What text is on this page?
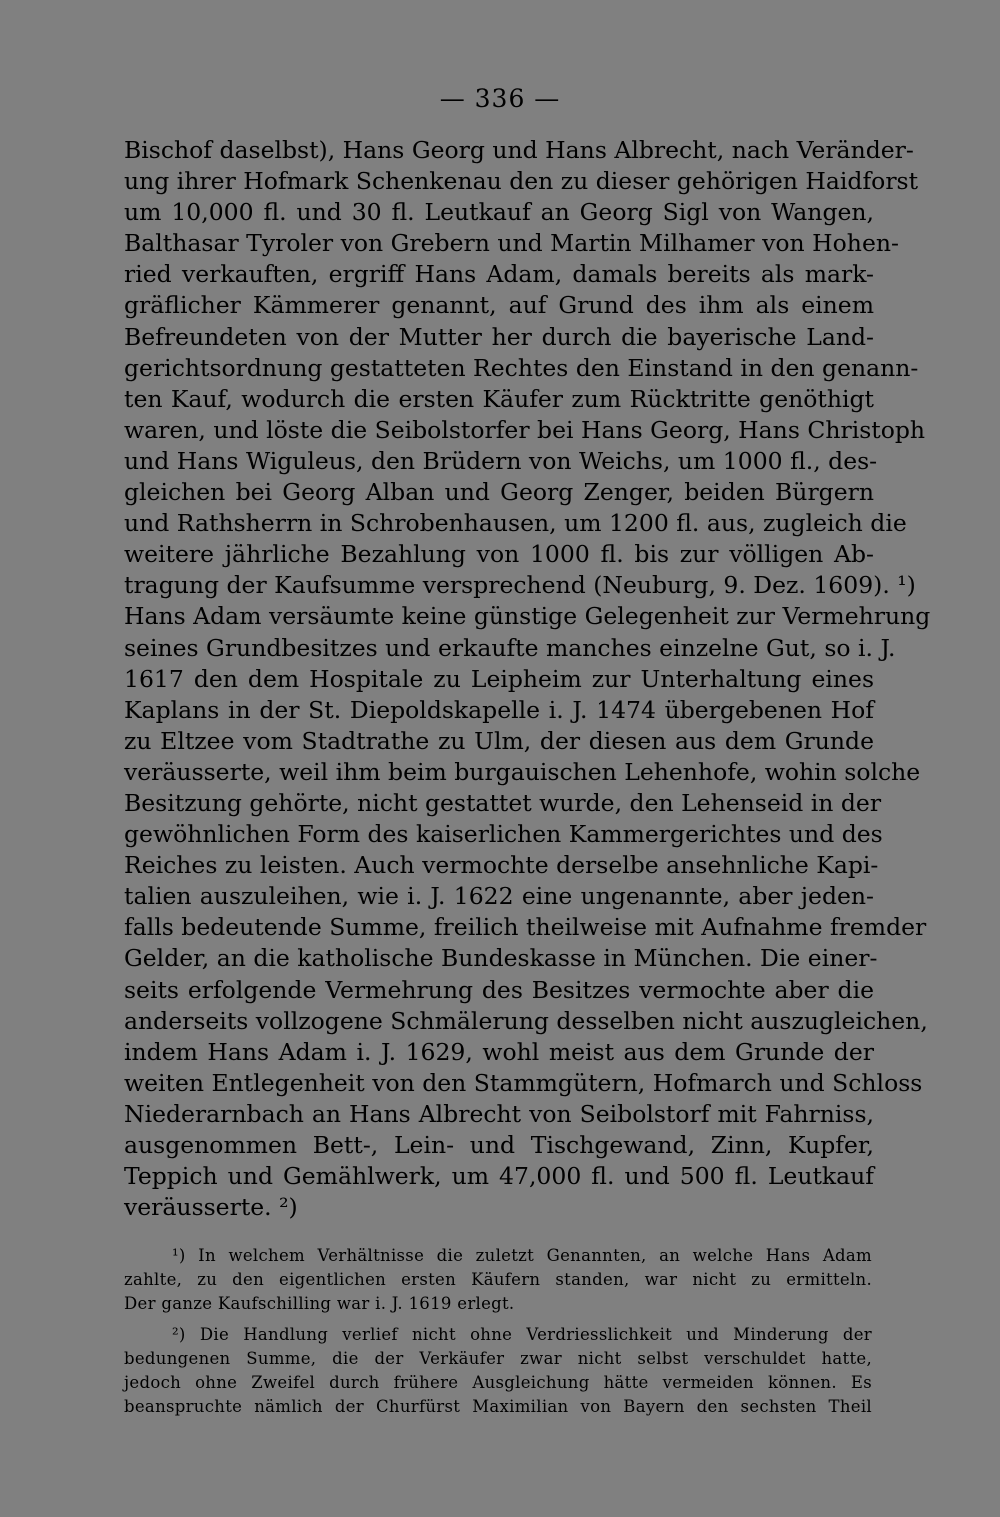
— 336 —
Bischof daselbst), Hans Georg und Hans Albrecht, nach Veränder-
ung ihrer Hofmark Schenkenau den zu dieser gehörigen Haidforst
um 10,000 fl. und 30 fl. Leutkauf an Georg Sigl von Wangen,
Balthasar Tyroler von Grebern und Martin Milhamer von Hohen-
ried verkauften, ergriff Hans Adam, damals bereits als mark-
gräflicher Kämmerer genannt, auf Grund des ihm als einem
Befreundeten von der Mutter her durch die bayerische Land-
gerichtsordnung gestatteten Rechtes den Einstand in den genann-
ten Kauf, wodurch die ersten Käufer zum Rücktritte genöthigt
waren, und löste die Seibolstorfer bei Hans Georg, Hans Christoph
und Hans Wiguleus, den Brüdern von Weichs, um 1000 fl., des-
gleichen bei Georg Alban und Georg Zenger, beiden Bürgern
und Rathsherrn in Schrobenhausen, um 1200 fl. aus, zugleich die
weitere jährliche Bezahlung von 1000 fl. bis zur völligen Ab-
tragung der Kaufsumme versprechend (Neuburg, 9. Dez. 1609). ¹)
Hans Adam versäumte keine günstige Gelegenheit zur Vermehrung
seines Grundbesitzes und erkaufte manches einzelne Gut, so i. J.
1617 den dem Hospitale zu Leipheim zur Unterhaltung eines
Kaplans in der St. Diepoldskapelle i. J. 1474 übergebenen Hof
zu Eltzee vom Stadtrathe zu Ulm, der diesen aus dem Grunde
veräusserte, weil ihm beim burgauischen Lehenhofe, wohin solche
Besitzung gehörte, nicht gestattet wurde, den Lehenseid in der
gewöhnlichen Form des kaiserlichen Kammergerichtes und des
Reiches zu leisten. Auch vermochte derselbe ansehnliche Kapi-
talien auszuleihen, wie i. J. 1622 eine ungenannte, aber jeden-
falls bedeutende Summe, freilich theilweise mit Aufnahme fremder
Gelder, an die katholische Bundeskasse in München. Die einer-
seits erfolgende Vermehrung des Besitzes vermochte aber die
anderseits vollzogene Schmälerung desselben nicht auszugleichen,
indem Hans Adam i. J. 1629, wohl meist aus dem Grunde der
weiten Entlegenheit von den Stammgütern, Hofmarch und Schloss
Niederarnbach an Hans Albrecht von Seibolstorf mit Fahrniss,
ausgenommen Bett-, Lein- und Tischgewand, Zinn, Kupfer,
Teppich und Gemählwerk, um 47,000 fl. und 500 fl. Leutkauf
veräusserte. ²)
¹) In welchem Verhältnisse die zuletzt Genannten, an welche Hans Adam
zahlte, zu den eigentlichen ersten Käufern standen, war nicht zu ermitteln.
Der ganze Kaufschilling war i. J. 1619 erlegt.
²) Die Handlung verlief nicht ohne Verdriesslichkeit und Minderung der
bedungenen Summe, die der Verkäufer zwar nicht selbst verschuldet hatte,
jedoch ohne Zweifel durch frühere Ausgleichung hätte vermeiden können. Es
beanspruchte nämlich der Churfürst Maximilian von Bayern den sechsten Theil
